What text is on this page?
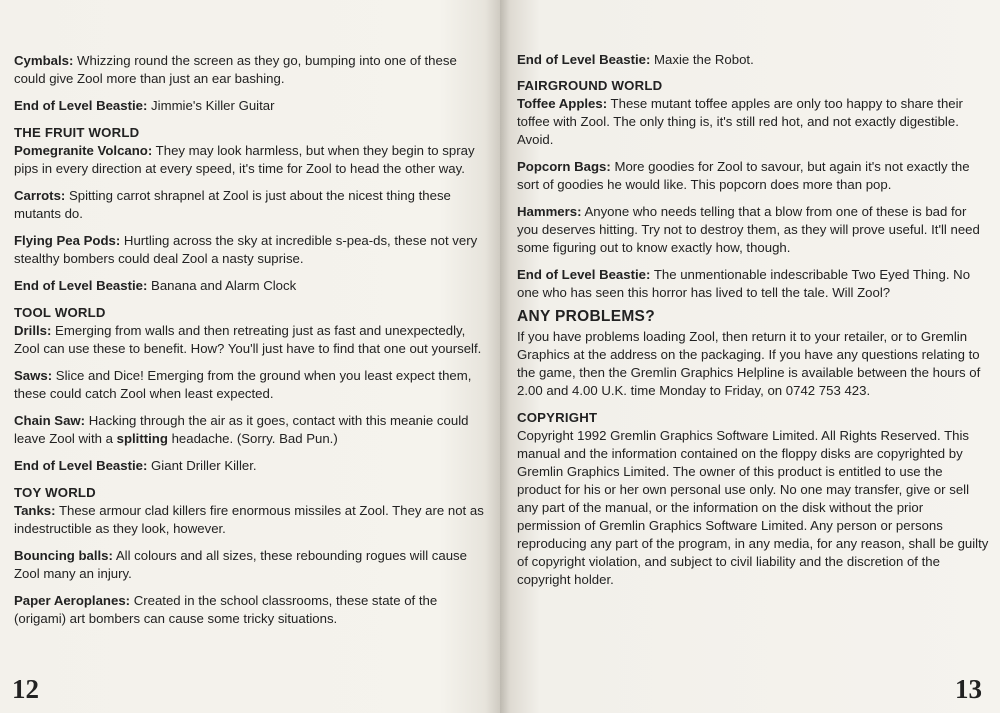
Cymbals: Whizzing round the screen as they go, bumping into one of these could give Zool more than just an ear bashing.

End of Level Beastie: Jimmie's Killer Guitar

THE FRUIT WORLD

Pomegranite Volcano: They may look harmless, but when they begin to spray pips in every direction at every speed, it's time for Zool to head the other way.

Carrots: Spitting carrot shrapnel at Zool is just about the nicest thing these mutants do.

Flying Pea Pods: Hurtling across the sky at incredible s-pea-ds, these not very stealthy bombers could deal Zool a nasty suprise.

End of Level Beastie: Banana and Alarm Clock

TOOL WORLD

Drills: Emerging from walls and then retreating just as fast and unexpectedly, Zool can use these to benefit. How? You'll just have to find that one out yourself.

Saws: Slice and Dice! Emerging from the ground when you least expect them, these could catch Zool when least expected.

Chain Saw: Hacking through the air as it goes, contact with this meanie could leave Zool with a splitting headache. (Sorry. Bad Pun.)

End of Level Beastie: Giant Driller Killer.

TOY WORLD

Tanks: These armour clad killers fire enormous missiles at Zool. They are not as indestructible as they look, however.

Bouncing balls: All colours and all sizes, these rebounding rogues will cause Zool many an injury.

Paper Aeroplanes: Created in the school classrooms, these state of the (origami) art bombers can cause some tricky situations.

12

End of Level Beastie: Maxie the Robot.

FAIRGROUND WORLD

Toffee Apples: These mutant toffee apples are only too happy to share their toffee with Zool. The only thing is, it's still red hot, and not exactly digestible. Avoid.

Popcorn Bags: More goodies for Zool to savour, but again it's not exactly the sort of goodies he would like. This popcorn does more than pop.

Hammers: Anyone who needs telling that a blow from one of these is bad for you deserves hitting. Try not to destroy them, as they will prove useful. It'll need some figuring out to know exactly how, though.

End of Level Beastie: The unmentionable indescribable Two Eyed Thing. No one who has seen this horror has lived to tell the tale. Will Zool?

ANY PROBLEMS?

If you have problems loading Zool, then return it to your retailer, or to Gremlin Graphics at the address on the packaging. If you have any questions relating to the game, then the Gremlin Graphics Helpline is available between the hours of 2.00 and 4.00 U.K. time Monday to Friday, on 0742 753 423.

COPYRIGHT

Copyright 1992 Gremlin Graphics Software Limited. All Rights Reserved. This manual and the information contained on the floppy disks are copyrighted by Gremlin Graphics Limited. The owner of this product is entitled to use the product for his or her own personal use only. No one may transfer, give or sell any part of the manual, or the information on the disk without the prior permission of Gremlin Graphics Software Limited. Any person or persons reproducing any part of the program, in any media, for any reason, shall be guilty of copyright violation, and subject to civil liability and the discretion of the copyright holder.

13
